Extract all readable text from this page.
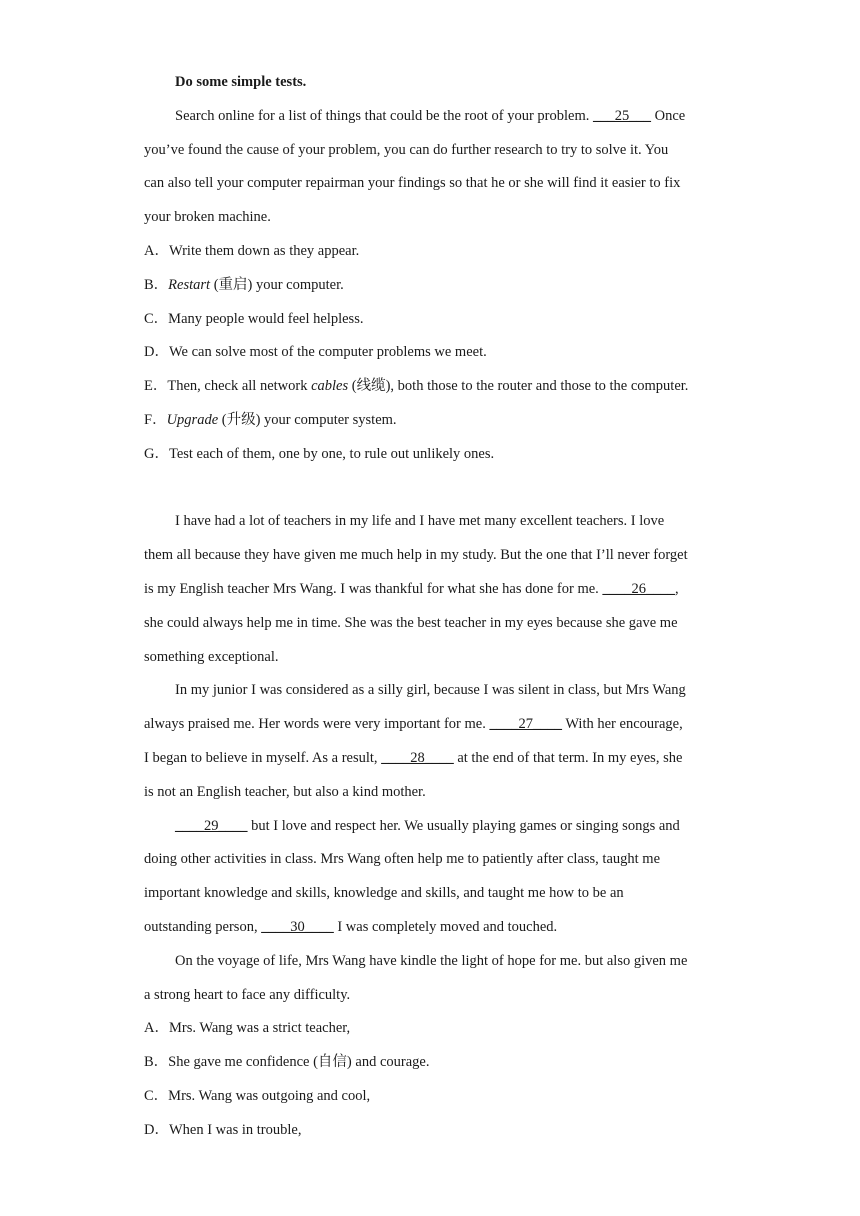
Do some simple tests.
Search online for a list of things that could be the root of your problem. ___25___ Once
you’ve found the cause of your problem, you can do further research to try to solve it. You
can also tell your computer repairman your findings so that he or she will find it easier to fix
your broken machine.
A．Write them down as they appear.
B．Restart (重启) your computer.
C．Many people would feel helpless.
D．We can solve most of the computer problems we meet.
E．Then, check all network cables (线缆), both those to the router and those to the computer.
F．Upgrade (升级) your computer system.
G．Test each of them, one by one, to rule out unlikely ones.
I have had a lot of teachers in my life and I have met many excellent teachers. I love
them all because they have given me much help in my study. But the one that I’ll never forget
is my English teacher Mrs Wang. I was thankful for what she has done for me. ____26____,
she could always help me in time. She was the best teacher in my eyes because she gave me
something exceptional.
In my junior I was considered as a silly girl, because I was silent in class, but Mrs Wang
always praised me. Her words were very important for me. ____27____ With her encourage,
I began to believe in myself. As a result, ____28____ at the end of that term. In my eyes, she
is not an English teacher, but also a kind mother.
____29____ but I love and respect her. We usually playing games or singing songs and
doing other activities in class. Mrs Wang often help me to patiently after class, taught me
important knowledge and skills, knowledge and skills, and taught me how to be an
outstanding person, ____30____ I was completely moved and touched.
On the voyage of life, Mrs Wang have kindle the light of hope for me. but also given me
a strong heart to face any difficulty.
A．Mrs. Wang was a strict teacher,
B．She gave me confidence (自信) and courage.
C．Mrs. Wang was outgoing and cool,
D．When I was in trouble,
